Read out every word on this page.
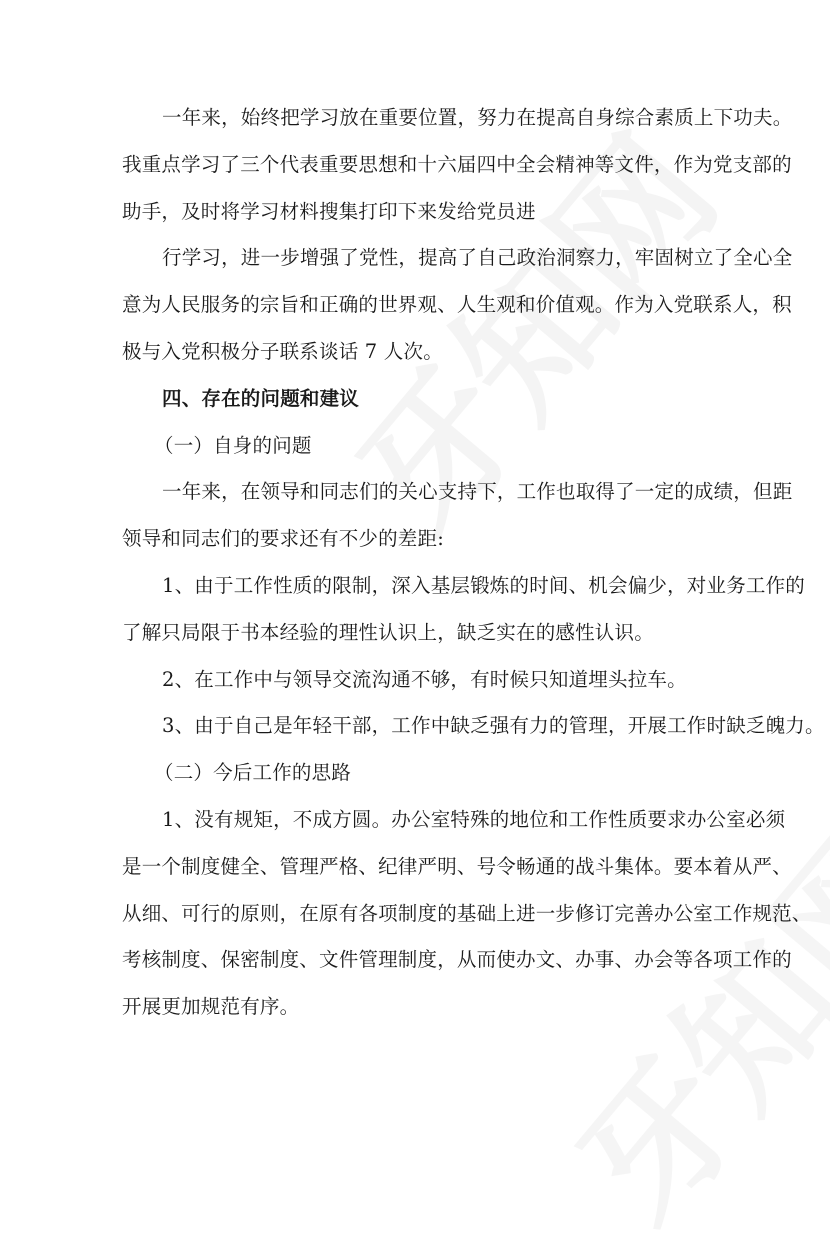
一年来，始终把学习放在重要位置，努力在提高自身综合素质上下功夫。
我重点学习了三个代表重要思想和十六届四中全会精神等文件，作为党支部的
助手，及时将学习材料搜集打印下来发给党员进
行学习，进一步增强了党性，提高了自己政治洞察力，牢固树立了全心全
意为人民服务的宗旨和正确的世界观、人生观和价值观。作为入党联系人，积
极与入党积极分子联系谈话 7 人次。
四、存在的问题和建议
（一）自身的问题
一年来，在领导和同志们的关心支持下，工作也取得了一定的成绩，但距
领导和同志们的要求还有不少的差距:
1、由于工作性质的限制，深入基层锻炼的时间、机会偏少，对业务工作的
了解只局限于书本经验的理性认识上，缺乏实在的感性认识。
2、在工作中与领导交流沟通不够，有时候只知道埋头拉车。
3、由于自己是年轻干部，工作中缺乏强有力的管理，开展工作时缺乏魄力。
（二）今后工作的思路
1、没有规矩，不成方圆。办公室特殊的地位和工作性质要求办公室必须
是一个制度健全、管理严格、纪律严明、号令畅通的战斗集体。要本着从严、
从细、可行的原则，在原有各项制度的基础上进一步修订完善办公室工作规范、
考核制度、保密制度、文件管理制度，从而使办文、办事、办会等各项工作的
开展更加规范有序。
